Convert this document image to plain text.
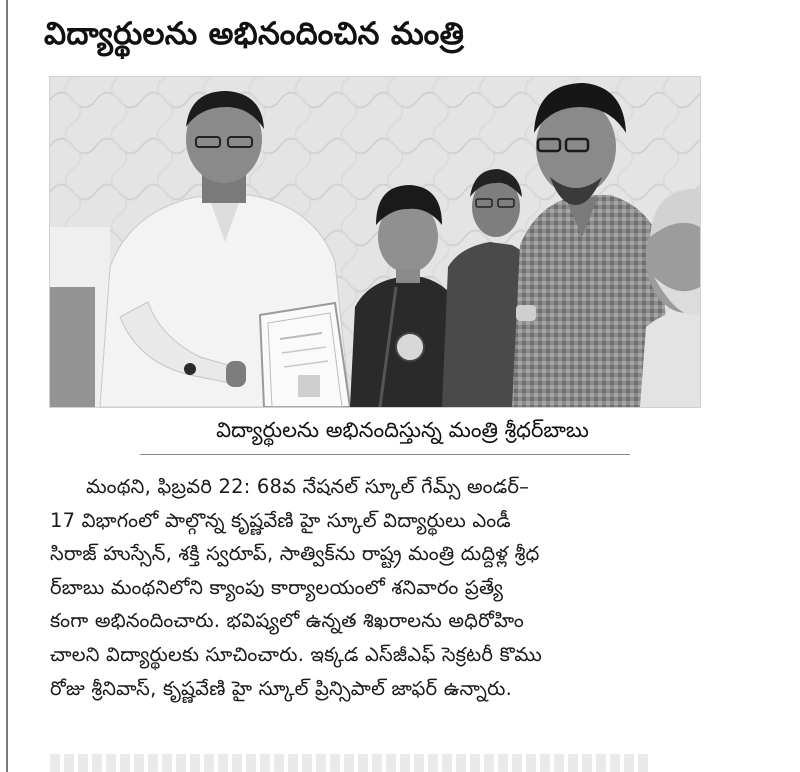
విద్యార్థులను అభినందించిన మంత్రి
విద్యార్థులను అభినందిస్తున్న మంత్రి శ్రీధర్‌బాబు
మంథని, ఫిబ్రవరి 22: 68వ నేషనల్ స్కూల్ గేమ్స్ అండర్–
17 విభాగంలో పాల్గొన్న కృష్ణవేణి హై స్కూల్ విద్యార్థులు ఎండీ
సిరాజ్ హుస్సేన్, శక్తి స్వరూప్, సాత్విక్‌ను రాష్ట్ర మంత్రి దుద్దిళ్ల శ్రీధ
ర్‌బాబు మంథనిలోని క్యాంపు కార్యాలయంలో శనివారం ప్రత్యే
కంగా అభినందించారు. భవిష్యలో ఉన్నత శిఖరాలను అధిరోహిం
చాలని విద్యార్థులకు సూచించారు. ఇక్కడ ఎస్‌జీఎఫ్ సెక్రటరీ కొము
రోజు శ్రీనివాస్, కృష్ణవేణి హై స్కూల్ ప్రిన్సిపాల్ జాఫర్ ఉన్నారు.
